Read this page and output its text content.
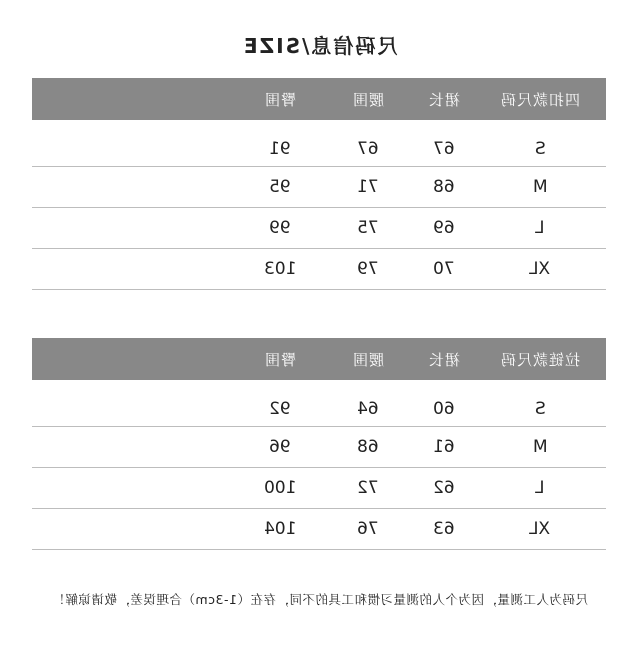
尺码信息/SIZE
臀围	腰围	裙长	四扣款尺码
91	67	67	S
95	71	68	M
99	75	69	L
103	79	70	XL
臀围	腰围	裙长	拉链款尺码
92	64	60	S
96	68	61	M
100	72	62	L
104	76	63	XL
尺码为人工测量，因为个人的测量习惯和工具的不同，存在（1-3cm）合理误差，敬请谅解！
